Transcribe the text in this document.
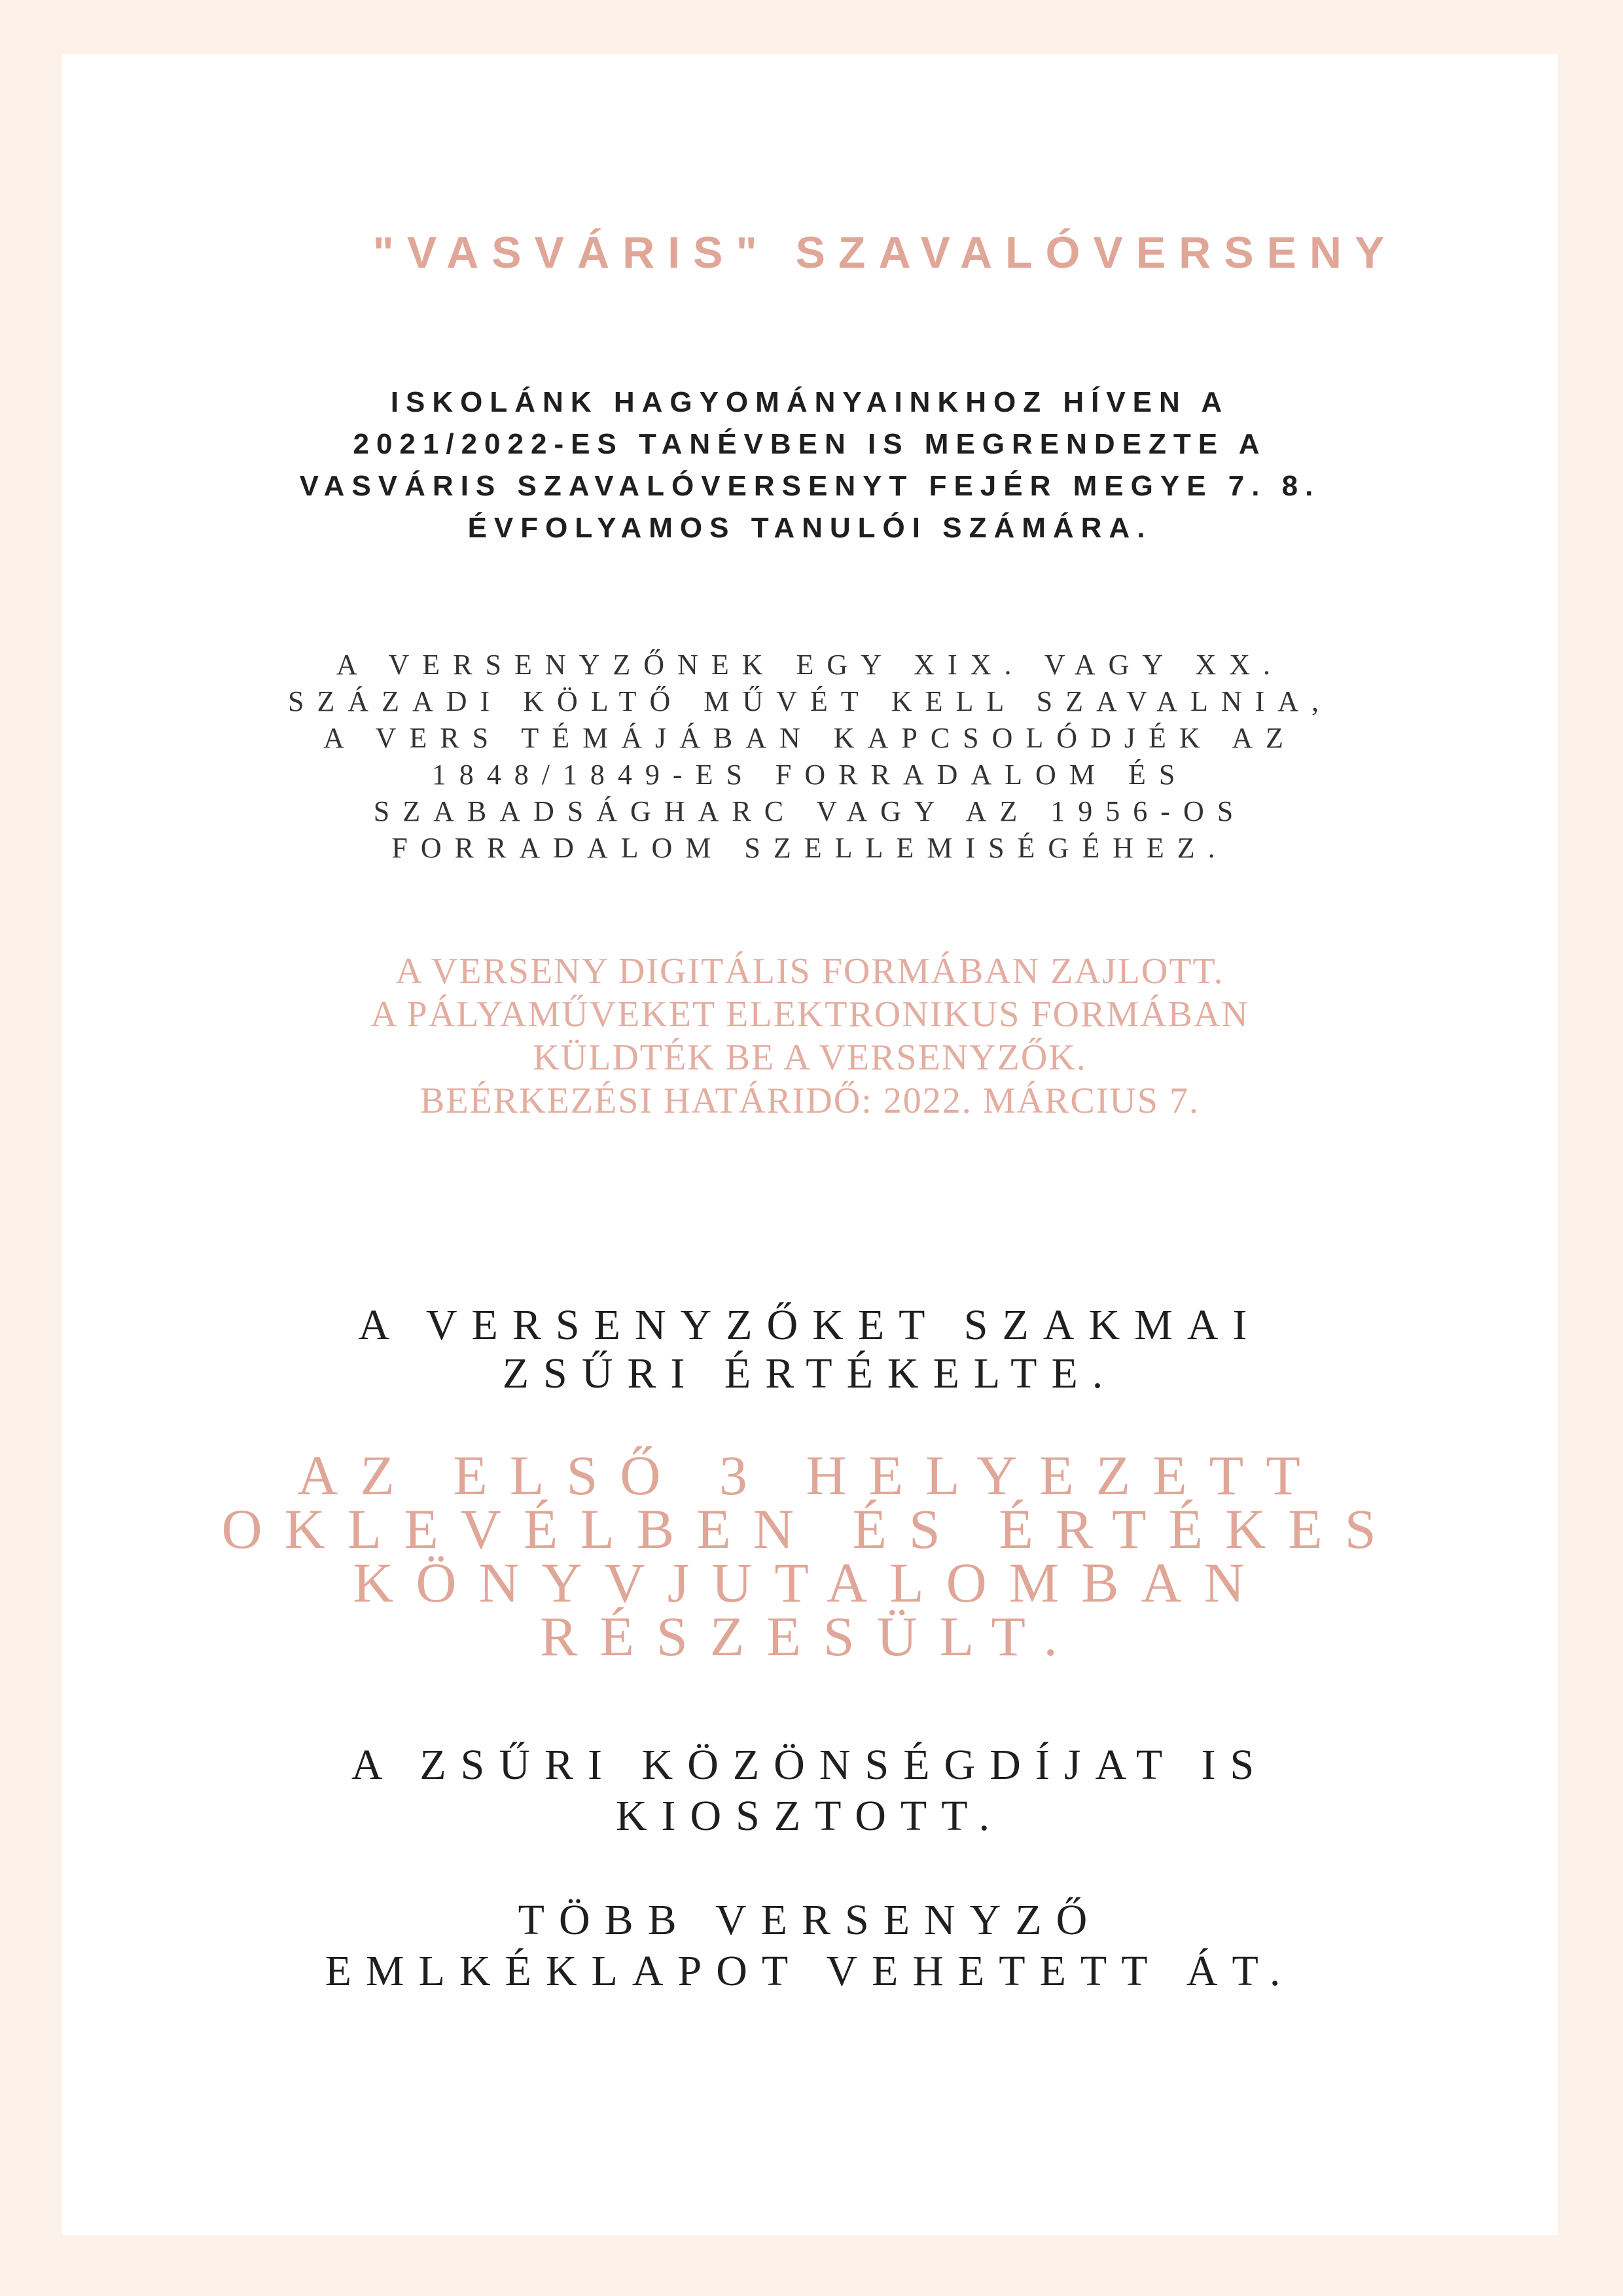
"VASVÁRIS" SZAVALÓVERSENY

ISKOLÁNK HAGYOMÁNYAINKHOZ HÍVEN A
2021/2022-ES TANÉVBEN IS MEGRENDEZTE A
VASVÁRIS SZAVALÓVERSENYT FEJÉR MEGYE 7. 8.
ÉVFOLYAMOS TANULÓI SZÁMÁRA.

A VERSENYZŐNEK EGY XIX. VAGY XX.
SZÁZADI KÖLTŐ MŰVÉT KELL SZAVALNIA,
A VERS TÉMÁJÁBAN KAPCSOLÓDJÉK AZ
1848/1849-ES FORRADALOM ÉS
SZABADSÁGHARC VAGY AZ 1956-OS
FORRADALOM SZELLEMISÉGÉHEZ.

A VERSENY DIGITÁLIS FORMÁBAN ZAJLOTT.
A PÁLYAMŰVEKET ELEKTRONIKUS FORMÁBAN
KÜLDTÉK BE A VERSENYZŐK.
BEÉRKEZÉSI HATÁRIDŐ: 2022. MÁRCIUS 7.

A VERSENYZŐKET SZAKMAI
ZSŰRI ÉRTÉKELTE.

AZ ELSŐ 3 HELYEZETT
OKLEVÉLBEN ÉS ÉRTÉKES
KÖNYVJUTALOMBAN
RÉSZESÜLT.

A ZSŰRI KÖZÖNSÉGDÍJAT IS
KIOSZTOTT.

TÖBB VERSENYZŐ
EMLKÉKLAPOT VEHETETT ÁT.
